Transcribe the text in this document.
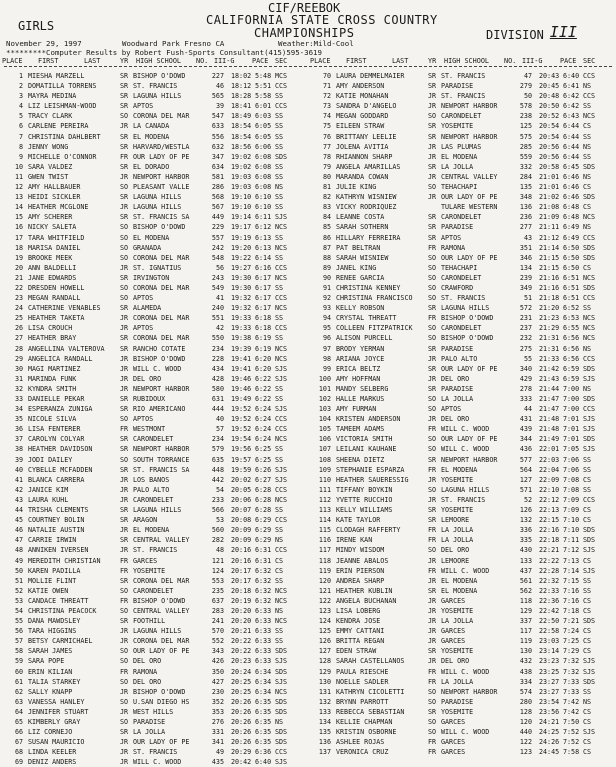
GIRLS
CIF/REEBOK
CALIFORNIA STATE CROSS COUNTRY
CHAMPIONSHIPS	DIVISION III
November 29, 1997	Woodward Park Fresno CA	Weather:Mild-Cool
*********Computer Results by Robert Fush-Sports Consultant(415)595-3619
PLACE FIRST	LAST	YR HIGH SCHOOL NO. III-G	PACE SEC	PLACE FIRST	LAST	YR HIGH SCHOOL NO. III-G	PACE SEC
1 MIESHA MARZELL	SR BISHOP O'DOWD	227 18:02 5:48 MCS
2 DOMATILLA TORRENS	SR ST. FRANCIS	46 18:12 5:51 CCS
3 MAYRA MEDINA	SR LAGUNA HILLS	565 18:28 5:58 SS
4 LIZ LEISHMAN-WOOD	SR APTOS	39 18:41 6:01 CCS
5 TRACY CLARK	SO CORONA DEL MAR	547 18:49 6:03 SS
6 CARLENE PEREIRA	JR LA CANADA	633 18:54 6:05 SS
7 CHRISTINA DAHLBERT	SR EL MODENA	556 18:54 6:05 SS
8 JENNY WONG	SR HARVARD/WESTLA	632 18:56 6:06 SS
9 MICHELLE O'CONNOR	FR OUR LADY OF PE	347 19:02 6:08 SDS
10 SARA VALDEZ	SR EL DORADO	634 19:02 6:08 SS
11 GWEN TWIST	JR NEWPORT HARBOR	581 19:03 6:08 SS
12 AMY HALLBAUER	SO PLEASANT VALLE	286 19:03 6:08 NS
13 HEIDI SICKLER	SR LAGUNA HILLS	568 19:10 6:10 SS
14 HEATHER MCGLONE	JR LAGUNA HILLS	567 19:10 6:10 SS
15 AMY SCHERER	SR ST. FRANCIS SA	449 19:14 6:11 SJS
16 NICKY SALETA	SO BISHOP O'DOWD	229 19:17 6:12 NCS
17 TARA WHITFIELD	SO EL MODENA	557 19:19 6:13 SS
18 MARISA DANIEL	SO GRANADA	242 19:20 6:13 NCS
19 BROOKE MEEK	SO CORONA DEL MAR	548 19:22 6:14 SS
20 ANN BALDELLI	JR ST. IGNATIUS	56 19:27 6:16 CCS
21 JANE EDWARDS	SR IRVINGTON	243 19:30 6:17 NCS
22 DRESDEN HOWELL	SO CORONA DEL MAR	549 19:30 6:17 SS
23 MEGAN RANDALL	SO APTOS	41 19:32 6:17 CCS
24 CATHERINE VENABLES	SR ALAMEDA	240 19:32 6:17 NCS
25 HEATHER TAKETA	JR CORONA DEL MAR	551 19:33 6:18 SS
26 LISA CROUCH	JR APTOS	42 19:33 6:18 CCS
27 HEATHER BRAY	SR CORONA DEL MAR	550 19:38 6:19 SS
28 ANGELLINA VALTEROVA SR RANCHO COTATE	234 19:39 6:19 NCS
29 ANGELICA RANDALL	JR BISHOP O'DOWD	228 19:41 6:20 NCS
30 MAGI MARTINEZ	JR WILL C. WOOD	434 19:41 6:20 SJS
31 MARINDA FUNK	JR DEL ORO	428 19:46 6:22 SJS
32 KYNDRA SMITH	JR NEWPORT HARBOR	580 19:46 6:22 SS
33 DANIELLE PEKAR	SR RUBIDOUX	631 19:49 6:22 SS
34 ESPERANZA ZUNIGA	SR RIO AMERICANO	444 19:52 6:24 SJS
35 NICOLE SILVA	SO APTOS	40 19:52 6:24 CCS
36 LISA FENTERER	FR WESTMONT	57 19:52 6:24 CCS
37 CAROLYN COLYAR	SR CARONDELET	234 19:54 6:24 NCS
38 HEATHER DAVIDSON	SR NEWPORT HARBOR	579 19:56 6:25 SS
39 JODI DAILEY	SO SOUTH TORRANCE	635 19:57 6:25 SS
40 CYBELLE MCFADDEN	SR ST. FRANCIS SA	448 19:59 6:26 SJS
41 BLANCA CARRERA	JR LOS BANOS	442 20:02 6:27 SJS
42 JANICE KIM	JR PALO ALTO	54 20:05 6:28 CCS
43 LAURA KUHL	JR CARONDELET	233 20:06 6:28 NCS
44 TRISHA CLEMENTS	SR LAGUNA HILLS	566 20:07 6:28 SS
45 COURTNEY BOLIN	SR ARAGON	53 20:08 6:29 CCS
46 NATALIE AUSTIN	JR EL MODENA	560 20:09 6:29 SS
47 CARRIE IRWIN	SR CENTRAL VALLEY	282 20:09 6:29 NS
48 ANNIKEN IVERSEN	JR ST. FRANCIS	48 20:16 6:31 CCS
49 MEREDITH CHRISTIAN	FR GARCES	121 20:16 6:31 CS
50 KAREN PADILLA	FR YOSEMITE	124 20:17 6:32 CS
51 MOLLIE FLINT	SR CORONA DEL MAR	553 20:17 6:32 SS
52 KATIE OWEN	SO CARONDELET	235 20:18 6:32 NCS
53 CANDACE THREATT	FR BISHOP O'DOWD	637 20:19 6:32 NCS
54 CHRISTINA PEACOCK	SO CENTRAL VALLEY	283 20:20 6:33 NS
55 DANA MAWDSLEY	SR FOOTHILL	241 20:20 6:33 NCS
56 TARA HIGGINS	JR LAGUNA HILLS	570 20:21 6:33 SS
57 BETSY CARMICHAEL	JR CORONA DEL MAR	552 20:22 6:33 SS
58 SARAH JAMES	SO OUR LADY OF PE	343 20:22 6:33 SDS
59 SARA POPE	SO DEL ORO	426 20:23 6:33 SJS
60 ERIN KILIAN	FR RAMONA	350 20:24 6:34 SDS
61 TALIA STARKEY	SO DEL ORO	427 20:25 6:34 SJS
62 SALLY KNAPP	JR BISHOP O'DOWD	230 20:25 6:34 NCS
63 VANESSA HANLEY	SO U.SAN DIEGO HS	352 20:26 6:35 SDS
64 JENNIFER STUART	JR WEST HILLS	353 20:26 6:35 SDS
65 KIMBERLY GRAY	SO PARADISE	276 20:26 6:35 NS
66 LIZ CORNEJO	SR LA JOLLA	331 20:26 6:35 SDS
67 SUSAN MAURICIO	JR OUR LADY OF PE	341 20:26 6:35 SDS
68 LINDA KEELER	JR ST. FRANCIS	49 20:29 6:36 CCS
69 DENIZ ANDERS	JR WILL C. WOOD	435 20:42 6:40 SJS
70 LAURA DEMMELMAIER	SR ST. FRANCIS	47 20:43 6:40 CCS
71 AMY ANDERSON	SR PARADISE	279 20:45 6:41 NS
72 KATIE MONAHAN	JR ST. FRANCIS	50 20:48 6:42 CCS
73 SANDRA D'ANGELO	JR NEWPORT HARBOR	578 20:50 6:42 SS
74 MEGAN GODDARD	SO CARONDELET	238 20:52 6:43 NCS
75 EILEEN STRAW	SR YOSEMITE	125 20:54 6:44 CS
76 BRITTANY LEELIE	SR NEWPORT HARBOR	575 20:54 6:44 SS
77 JOLENA AVITIA	JR LAS PLUMAS	285 20:56 6:44 NS
78 RHIANNON SHARP	JR EL MODENA	559 20:56 6:44 SS
79 ANGELA AMARILLAS	SR LA JOLLA	332 20:58 6:45 SDS
80 MARANDA COWAN	JR CENTRAL VALLEY	284 21:01 6:46 NS
81 JULIE KING	SO TEHACHAPI	135 21:01 6:46 CS
82 KATHRYN WISNIEW	JR OUR LADY OF PE	348 21:02 6:46 SDS
83 VICKY RODRIQUEZ	TULARE WESTERN	136 21:08 6:48 CS
84 LEANNE COSTA	SR CARONDELET	236 21:09 6:48 NCS
85 SARAH SOTHERN	SR PARADISE	277 21:11 6:49 NS
86 HILLARY FERREIRA	SR APTOS	43 21:12 6:49 CCS
87 PAT BELTRAN	FR RAMONA	351 21:14 6:50 SDS
88 SARAH WISNIEW	SO OUR LADY OF PE	346 21:15 6:50 SDS
89 JANEL KING	SO TEHACHAPI	134 21:15 6:50 CS
90 RENEE GARCIA	SO CARONDELET	239 21:16 6:51 NCS
91 CHRISTINA KENNEY	SO CRAWFORD	349 21:16 6:51 SDS
92 CHRISTINA FRANCISCO SO ST. FRANCIS	51 21:18 6:51 CCS
93 KELLY ROBSON	SR LAGUNA HILLS	572 21:20 6:52 SS
94 CRYSTAL THREATT	FR BISHOP O'DOWD	231 21:23 6:53 NCS
95 COLLEEN FITZPATRICK SO CARONDELET	237 21:29 6:55 NCS
96 ALISON PURCELL	SO BISHOP O'DOWD	232 21:31 6:56 NCS
97 BRODY YERMAN	SR PARADISE	275 21:31 6:56 NS
98 ARIANA JOYCE	JR PALO ALTO	55 21:33 6:56 CCS
99 ERICA BELTZ	SR OUR LADY OF PE	340 21:42 6:59 SDS
100 AMY HOFFMAN	JR DEL ORO	429 21:43 6:59 SJS
101 MANDY SELBERG	SR PARADISE	278 21:44 7:00 NS
102 HALLE MARKUS	SO LA JOLLA	333 21:47 7:00 SDS
103 AMY FURMAN	SO APTOS	44 21:47 7:00 CCS
104 KRISTEN ANDERSON	JR DEL ORO	431 21:48 7:01 SJS
105 TAMEEM ADAMS	FR WILL C. WOOD	439 21:48 7:01 SJS
106 VICTORIA SMITH	SO OUR LADY OF PE	344 21:49 7:01 SDS
107 LEILANI KAUHANE	SO WILL C. WOOD	436 22:01 7:05 SJS
108 SHEENA DIETZ	SR NEWPORT HARBOR	577 22:03 7:06 SS
109 STEPHANIE ESPARZA	FR EL MODENA	564 22:04 7:06 SS
110 HEATHER SAUERESSIG	JR YOSEMITE	127 22:09 7:08 CS
111 TIFFANY BOYKIN	SO LAGUNA HILLS	571 22:10 7:08 SS
112 YVETTE RUCCHIO	JR ST. FRANCIS	52 22:12 7:09 CCS
113 KELLY WILLIAMS	SR YOSEMITE	126 22:13 7:09 CS
114 KATE TAYLOR	SR LEMOORE	132 22:15 7:10 CS
115 CLODAGH RAFFERTY	FR LA JOLLA	336 22:16 7:10 SDS
116 IRENE KAN	FR LA JOLLA	335 22:18 7:11 SDS
117 MINDY WISDOM	SO DEL ORO	430 22:21 7:12 SJS
118 JEANNE ABALOS	JR LEMOORE	133 22:22 7:13 CS
119 ERIN PIERSON	FR WILL C. WOOD	437 22:28 7:14 SJS
120 ANDREA SHARP	JR EL MODENA	561 22:32 7:15 SS
121 HEATHER KUBLIN	SR EL MODENA	562 22:33 7:16 SS
122 ANGELA BUCHANAN	JR GARCES	118 22:36 7:16 CS
123 LISA LOBERG	JR YOSEMITE	129 22:42 7:18 CS
124 KENDRA JOSE	JR LA JOLLA	337 22:50 7:21 SDS
125 EMMY CATTANI	JR GARCES	117 22:58 7:24 CS
126 BRITTA REGAN	JR GARCES	119 23:03 7:25 CS
127 EDEN STRAW	SR YOSEMITE	130 23:14 7:29 CS
128 SARAH CASTELLANOS	JR DEL ORO	432 23:23 7:32 SJS
129 PAULA RIESCHE	FR WILL C. WOOD	438 23:25 7:32 SJS
130 NOELLE SADLER	FR LA JOLLA	334 23:27 7:33 SDS
131 KATHRYN CICOLETTI	SO NEWPORT HARBOR	574 23:27 7:33 SS
132 BRYNN PARROTT	SO PARADISE	280 23:54 7:42 NS
133 REBECCA SEBASTIAN	SR YOSEMITE	128 23:56 7:42 CS
134 KELLIE CHAPMAN	SO GARCES	120 24:21 7:50 CS
135 KRISTIN OSBORNE	SO WILL C. WOOD	440 24:25 7:52 SJS
136 ASHLEE ROJAS	FR GARCES	122 24:26 7:52 CS
137 VERONICA CRUZ	FR GARCES	123 24:45 7:58 CS
